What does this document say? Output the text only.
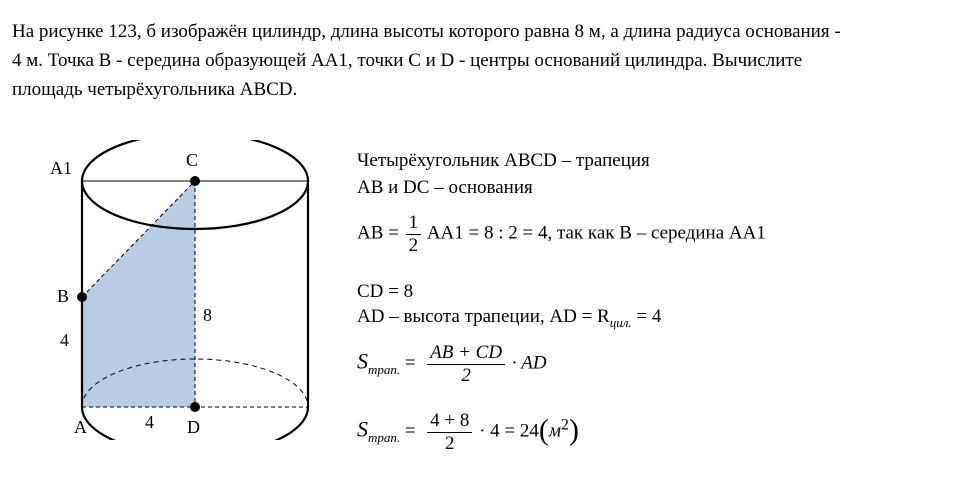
На рисунке 123, б изображён цилиндр, длина высоты которого равна 8 м, а длина радиуса основания -

4 м. Точка B - середина образующей AA1, точки C и D - центры оснований цилиндра. Вычислите

площадь четырёхугольника ABCD.

A1	C
B
A	D
8
4
4
Четырёхугольник ABCD – трапеция
AB и DC – основания
AB = $\frac{1}{2} AA1 = 8$ : 2 = 4, так как B – середина AA1
CD = 8
AD – высота трапеции, AD = $R_{цил.} = 4$
$S_{трап.} = \frac{AB + CD}{2}$ · AD
$S_{трап.} = \frac{4 + 8}{2} \cdot 4 = 24(м^2)$
